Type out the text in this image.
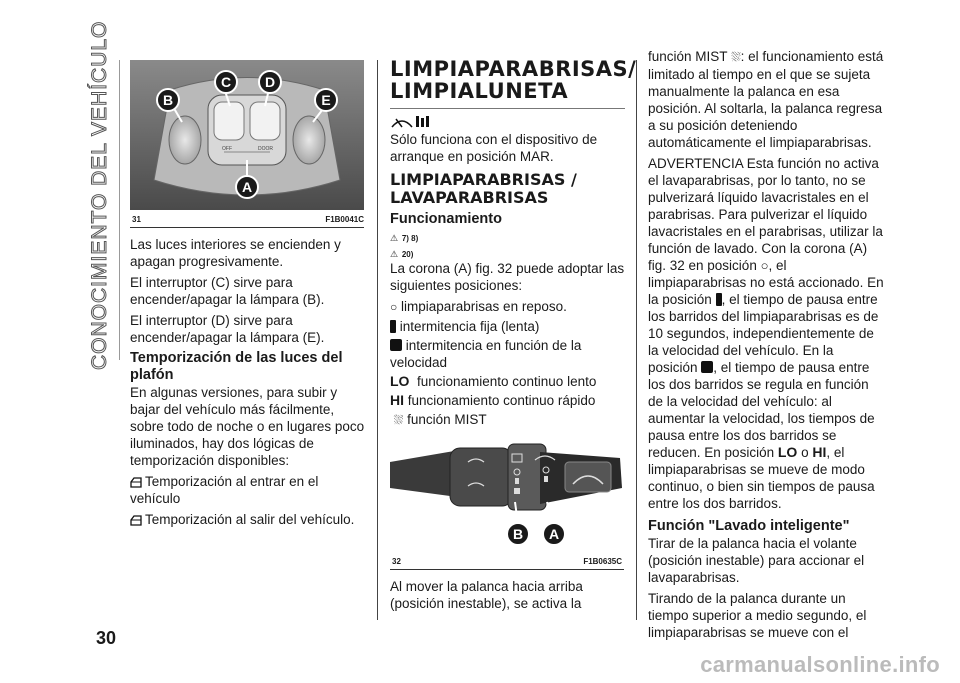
CONOCIMIENTO DEL VEHÍCULO	OFF	DOOR
C D
B	E
A
31	F1B0041C

Las luces interiores se encienden y apagan progresivamente.

El interruptor (C) sirve para encender/apagar la lámpara (B).

El interruptor (D) sirve para encender/apagar la lámpara (E).

Temporización de las luces del plafón

En algunas versiones, para subir y bajar del vehículo más fácilmente, sobre todo de noche o en lugares poco iluminados, hay dos lógicas de temporización disponibles:

Temporización al entrar en el vehículo

Temporización al salir del vehículo.

30
LIMPIAPARABRISAS/
LIMPIALUNETA

Sólo funciona con el dispositivo de arranque en posición MAR.

LIMPIAPARABRISAS /
LAVAPARABRISAS
Funcionamiento
⚠ 7) 8)
⚠ 20)

La corona (A) fig. 32 puede adoptar las siguientes posiciones:

○ limpiaparabrisas en reposo.
intermitencia fija (lenta)
intermitencia en función de la velocidad
LO funcionamiento continuo lento
HI funcionamiento continuo rápido
⛆ función MIST
B A
32	F1B0635C

Al mover la palanca hacia arriba (posición inestable), se activa la

función MIST ⛆: el funcionamiento está limitado al tiempo en el que se sujeta manualmente la palanca en esa posición. Al soltarla, la palanca regresa a su posición deteniendo automáticamente el limpiaparabrisas.

ADVERTENCIA Esta función no activa el lavaparabrisas, por lo tanto, no se pulverizará líquido lavacristales en el parabrisas. Para pulverizar el líquido lavacristales en el parabrisas, utilizar la función de lavado. Con la corona (A) fig. 32 en posición ○, el limpiaparabrisas no está accionado. En la posición , el tiempo de pausa entre los barridos del limpiaparabrisas es de 10 segundos, independientemente de la velocidad del vehículo. En la posición , el tiempo de pausa entre los dos barridos se regula en función de la velocidad del vehículo: al aumentar la velocidad, los tiempos de pausa entre los dos barridos se reducen. En posición LO o HI, el limpiaparabrisas se mueve de modo continuo, o bien sin tiempos de pausa entre los dos barridos.

Función "Lavado inteligente"

Tirar de la palanca hacia el volante (posición inestable) para accionar el lavaparabrisas.

Tirando de la palanca durante un tiempo superior a medio segundo, el limpiaparabrisas se mueve con el

carmanualsonline.info
